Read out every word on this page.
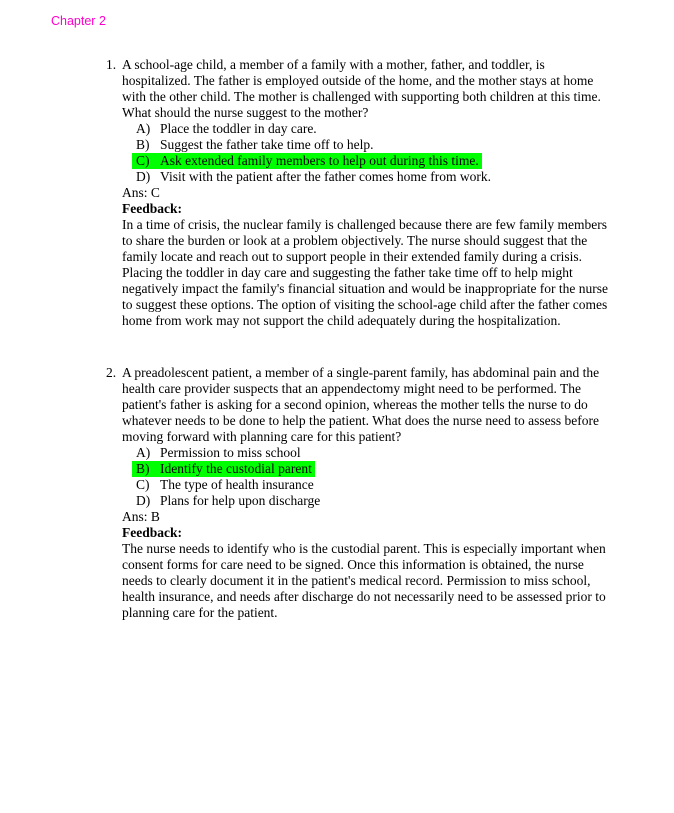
Chapter 2
1. A school-age child, a member of a family with a mother, father, and toddler, is hospitalized. The father is employed outside of the home, and the mother stays at home with the other child. The mother is challenged with supporting both children at this time. What should the nurse suggest to the mother?
A) Place the toddler in day care.
B) Suggest the father take time off to help.
C) Ask extended family members to help out during this time.
D) Visit with the patient after the father comes home from work.
Ans: C
Feedback:
In a time of crisis, the nuclear family is challenged because there are few family members to share the burden or look at a problem objectively. The nurse should suggest that the family locate and reach out to support people in their extended family during a crisis. Placing the toddler in day care and suggesting the father take time off to help might negatively impact the family's financial situation and would be inappropriate for the nurse to suggest these options. The option of visiting the school-age child after the father comes home from work may not support the child adequately during the hospitalization.
2. A preadolescent patient, a member of a single-parent family, has abdominal pain and the health care provider suspects that an appendectomy might need to be performed. The patient's father is asking for a second opinion, whereas the mother tells the nurse to do whatever needs to be done to help the patient. What does the nurse need to assess before moving forward with planning care for this patient?
A) Permission to miss school
B) Identify the custodial parent
C) The type of health insurance
D) Plans for help upon discharge
Ans: B
Feedback:
The nurse needs to identify who is the custodial parent. This is especially important when consent forms for care need to be signed. Once this information is obtained, the nurse needs to clearly document it in the patient's medical record. Permission to miss school, health insurance, and needs after discharge do not necessarily need to be assessed prior to planning care for the patient.
